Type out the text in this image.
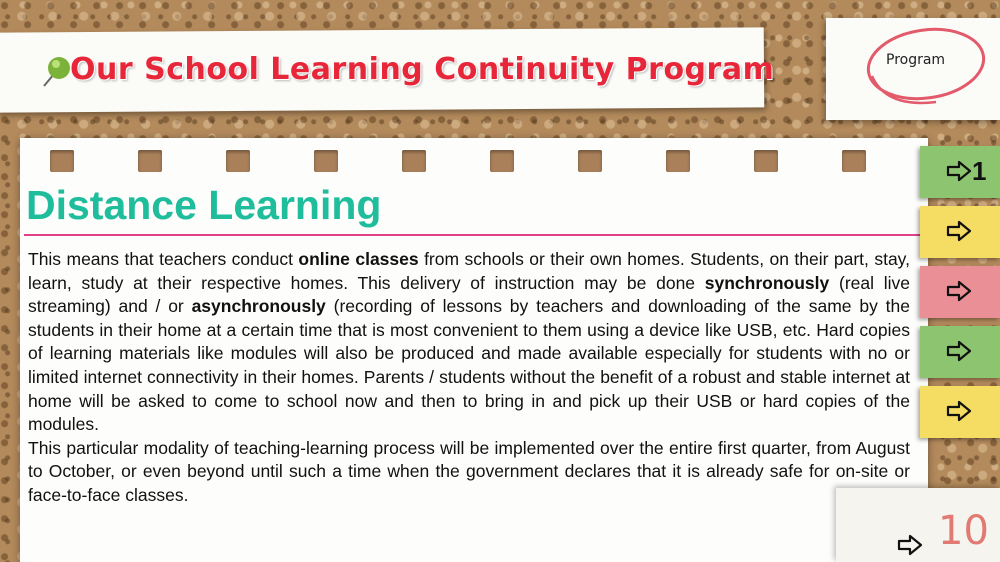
Our School Learning Continuity Program	Program
Distance Learning

This means that teachers conduct online classes from schools or their own homes. Students, on their part, stay, learn, study at their respective homes. This delivery of instruction may be done synchronously (real live streaming) and / or asynchronously (recording of lessons by teachers and downloading of the same by the students in their home at a certain time that is most convenient to them using a device like USB, etc. Hard copies of learning materials like modules will also be produced and made available especially for students with no or limited internet connectivity in their homes. Parents / students without the benefit of a robust and stable internet at home will be asked to come to school now and then to bring in and pick up their USB or hard copies of the modules.

This particular modality of teaching-learning process will be implemented over the entire first quarter, from August to October, or even beyond until such a time when the government declares that it is already safe for on-site or face-to-face classes.

1
10
